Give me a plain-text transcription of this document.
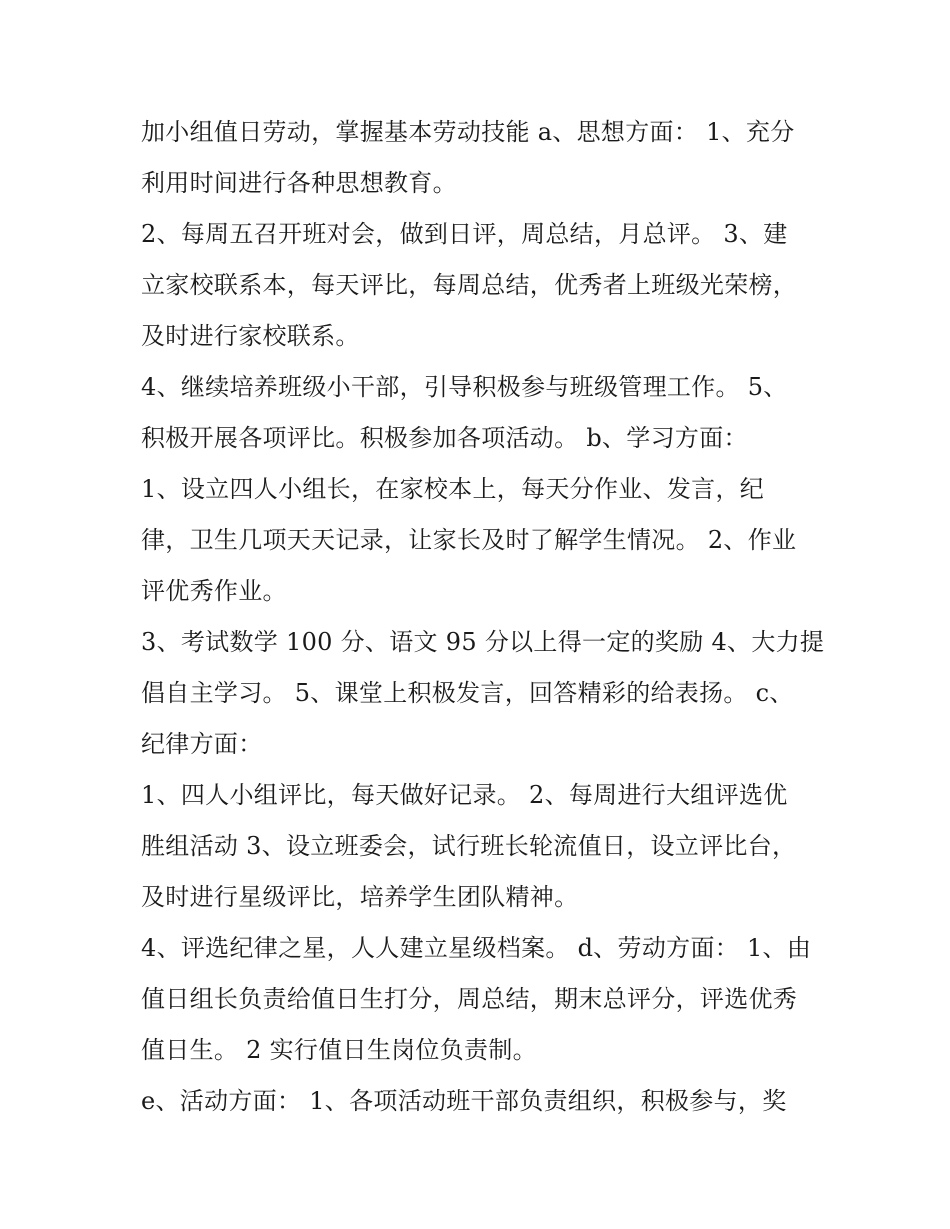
加小组值日劳动，掌握基本劳动技能 a、思想方面： 1、充分
利用时间进行各种思想教育。
2、每周五召开班对会，做到日评，周总结，月总评。 3、建
立家校联系本，每天评比，每周总结，优秀者上班级光荣榜，
及时进行家校联系。
4、继续培养班级小干部，引导积极参与班级管理工作。 5、
积极开展各项评比。积极参加各项活动。 b、学习方面：
1、设立四人小组长，在家校本上，每天分作业、发言，纪
律，卫生几项天天记录，让家长及时了解学生情况。 2、作业
评优秀作业。
3、考试数学 100 分、语文 95 分以上得一定的奖励 4、大力提
倡自主学习。 5、课堂上积极发言，回答精彩的给表扬。 c、
纪律方面：
1、四人小组评比，每天做好记录。 2、每周进行大组评选优
胜组活动 3、设立班委会，试行班长轮流值日，设立评比台，
及时进行星级评比，培养学生团队精神。
4、评选纪律之星，人人建立星级档案。 d、劳动方面： 1、由
值日组长负责给值日生打分，周总结，期末总评分，评选优秀
值日生。 2 实行值日生岗位负责制。
e、活动方面： 1、各项活动班干部负责组织，积极参与，奖
